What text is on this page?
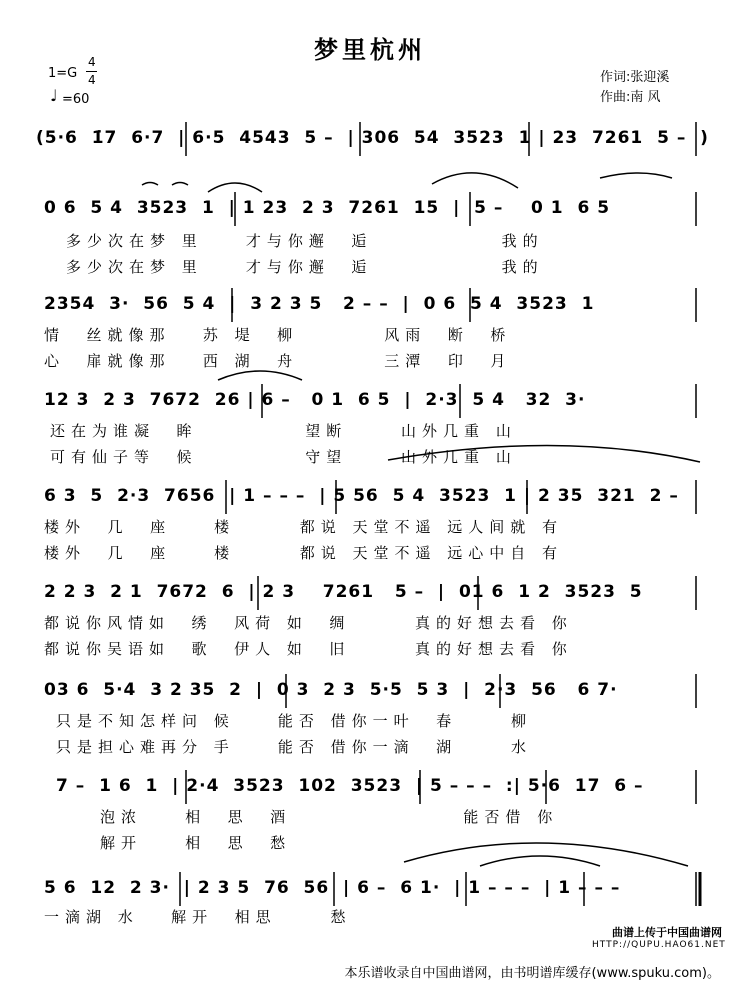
梦里杭州
1=G
4
4
♩ =60
作词:张迎溪
作曲:南 风
(5·6  1̇7  6·7  | 6·5  4543  5 –  | 306  54  3523  1 | 23  7261  5 –  )
0 6  5 4  3523  1  | 1 23  2 3  7261  15  |  5 –    0 1  6 5
多少次在梦 里    才与你邂  逅            我的
多少次在梦 里    才与你邂  逅            我的
2354  3·  56  5 4  |  3 2 3 5   2 – –  |  0 6  5 4  3523  1
情  丝就像那   苏 堤  柳        风雨  断  桥
心  扉就像那   西 湖  舟        三潭  印  月
12 3  2 3  7672  26 | 6 –   0 1  6 5  |  2·3  5 4   32  3·
还在为谁凝  眸          望断     山外几重 山
可有仙子等  候          守望     山外几重 山
6 3  5  2·3  7656  | 1 – – –  | 5 56  5 4  3523  1 | 2 35  321  2 –
楼外  几  座    楼      都说 天堂不遥 远人间就 有
楼外  几  座    楼      都说 天堂不遥 远心中自 有
2 2 3  2 1  7672  6  | 2 3    7261   5 –  |  01 6  1 2  3523  5
都说你风情如  绣  风荷 如  绸      真的好想去看 你
都说你吴语如  歌  伊人 如  旧      真的好想去看 你
03 6  5·4  3 2 35  2  |  0 3  2 3  5·5  5 3  |  2·3  56   6 7·
只是不知怎样问 候    能否 借你一叶  春     柳
只是担心难再分 手    能否 借你一滴  湖     水
7 –  1 6  1  | 2·4  3523  102  3523  | 5 – – –  :| 5·6  17  6 –
泡浓    相  思  酒                能否借 你
解开    相  思  愁
5 6  12  2 3·  | 2 3 5  76  56  | 6 –  6 1·  | 1 – – –  | 1 – – –
一滴湖 水   解开  相思     愁
曲谱上传于中国曲谱网
HTTP://QUPU.HAO61.NET
本乐谱收录自中国曲谱网，由书明谱库缓存(www.spuku.com)。
